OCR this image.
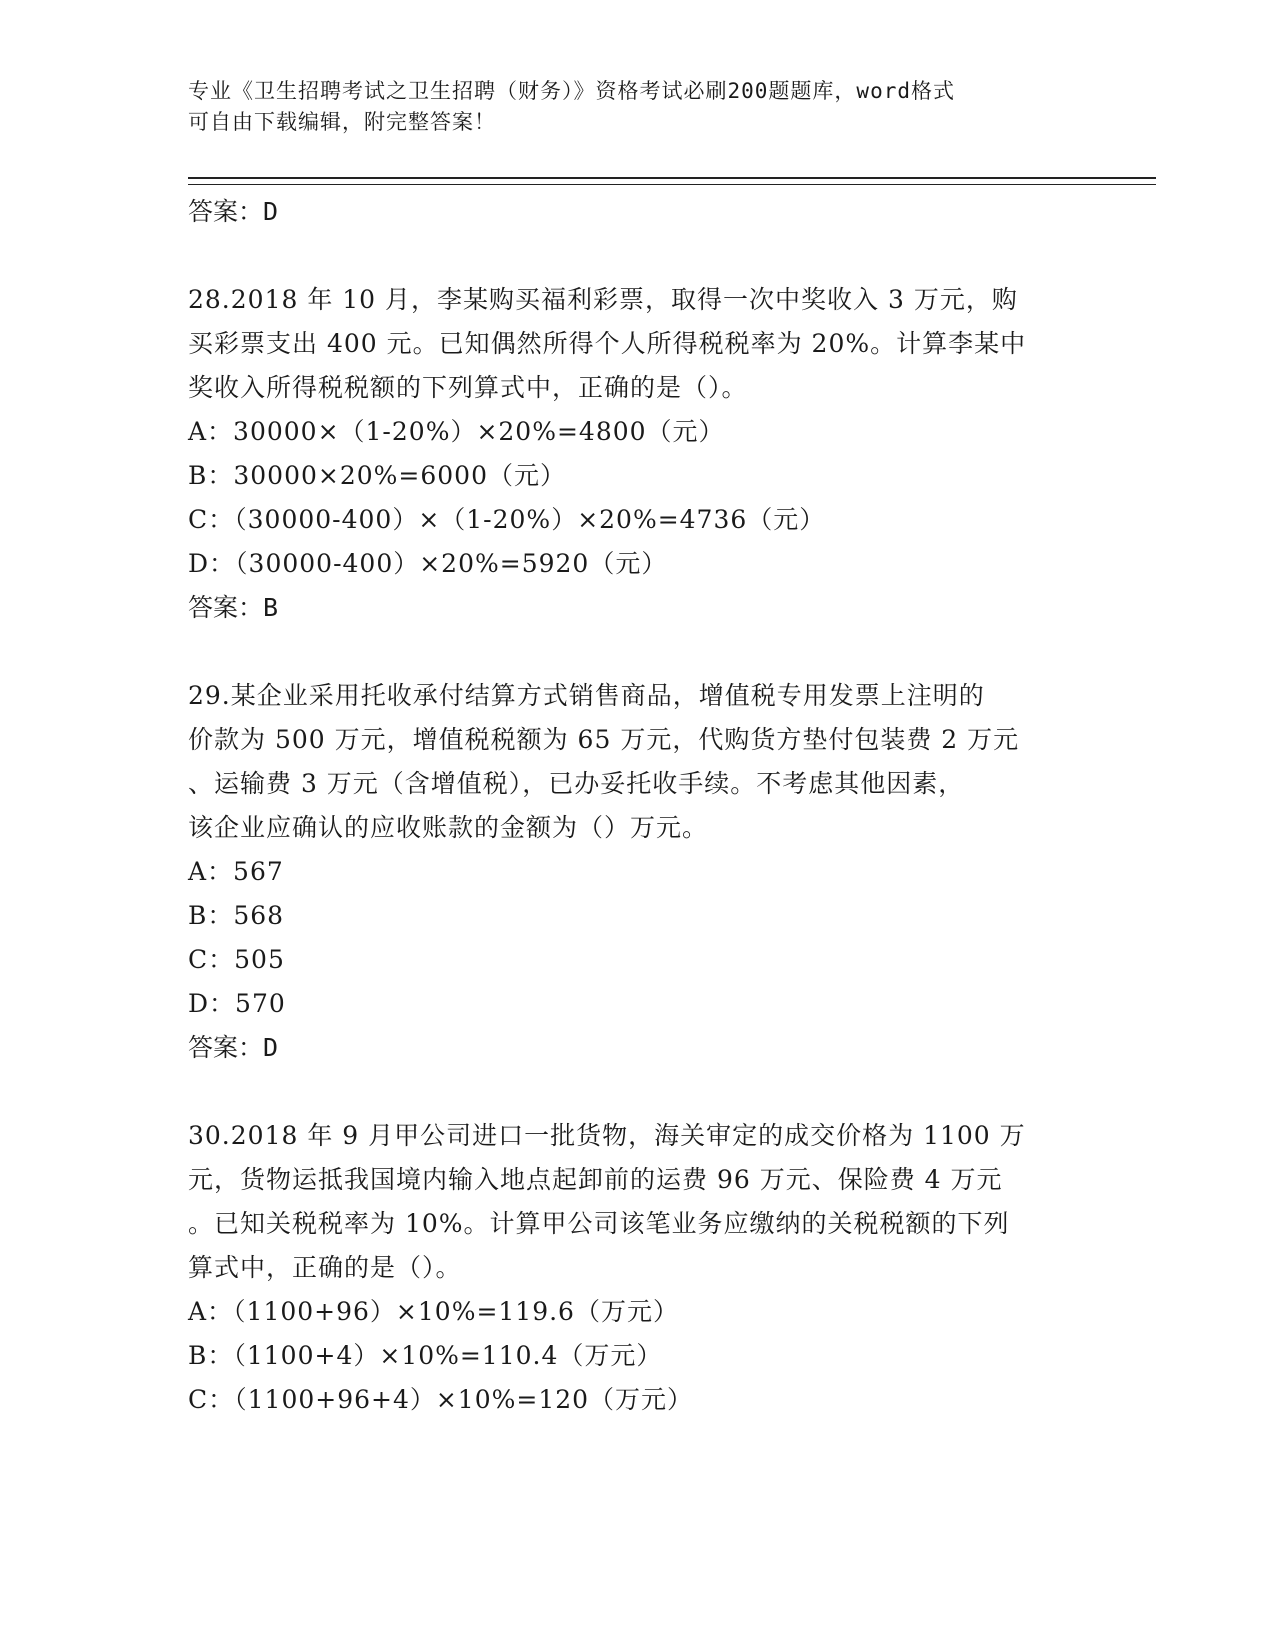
专业《卫生招聘考试之卫生招聘（财务）》资格考试必刷200题题库，word格式
可自由下载编辑，附完整答案！
答案：D
28.2018 年 10 月，李某购买福利彩票，取得一次中奖收入 3 万元，购
买彩票支出 400 元。已知偶然所得个人所得税税率为 20%。计算李某中
奖收入所得税税额的下列算式中，正确的是（）。
A：30000×（1-20%）×20%=4800（元）
B：30000×20%=6000（元）
C：（30000-400）×（1-20%）×20%=4736（元）
D：（30000-400）×20%=5920（元）
答案：B
29.某企业采用托收承付结算方式销售商品，增值税专用发票上注明的
价款为 500 万元，增值税税额为 65 万元，代购货方垫付包装费 2 万元
、运输费 3 万元（含增值税），已办妥托收手续。不考虑其他因素，
该企业应确认的应收账款的金额为（）万元。
A：567
B：568
C：505
D：570
答案：D
30.2018 年 9 月甲公司进口一批货物，海关审定的成交价格为 1100 万
元，货物运抵我国境内输入地点起卸前的运费 96 万元、保险费 4 万元
。已知关税税率为 10%。计算甲公司该笔业务应缴纳的关税税额的下列
算式中，正确的是（）。
A：（1100+96）×10%=119.6（万元）
B：（1100+4）×10%=110.4（万元）
C：（1100+96+4）×10%=120（万元）
